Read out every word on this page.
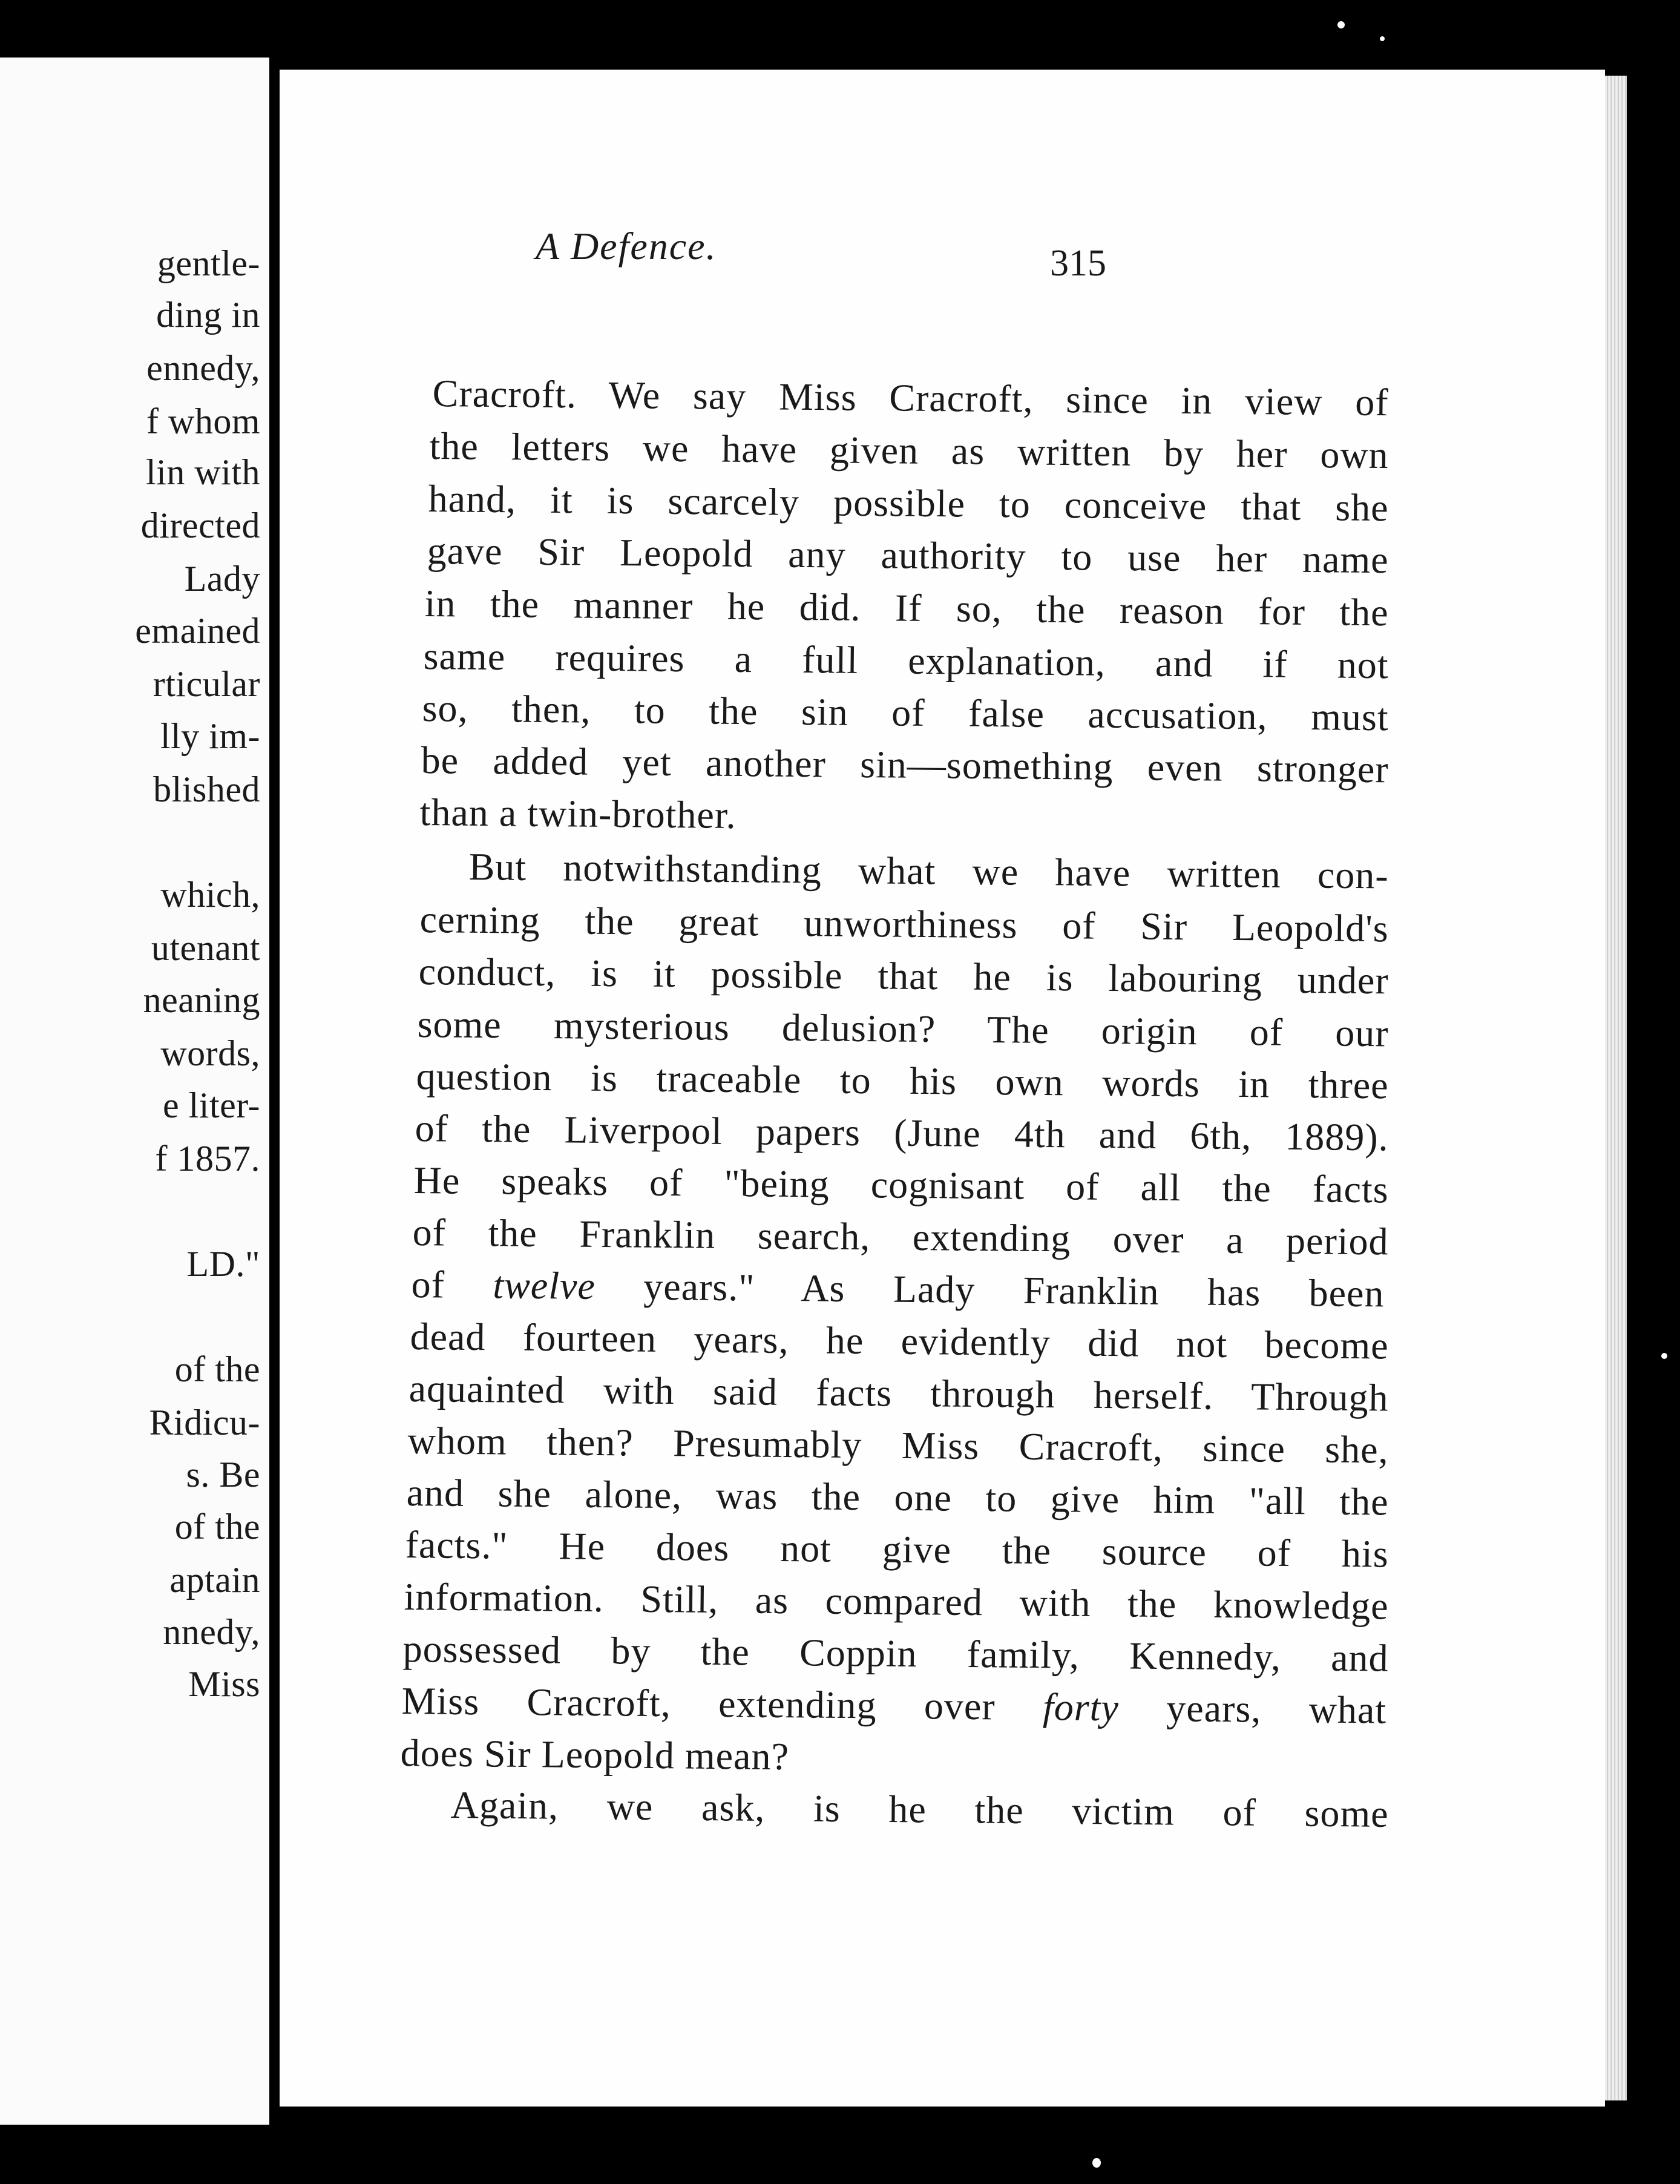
gentle-
ding in
ennedy,
f whom
lin with
directed
Lady
emained
rticular
lly im-
blished
which,
utenant
neaning
words,
e liter-
f 1857.
LD."
of the
Ridicu-
s. Be
of the
aptain
nnedy,
Miss
A Defence.	315
Cracroft. We say Miss Cracroft, since in view of
the letters we have given as written by her own
hand, it is scarcely possible to conceive that she
gave Sir Leopold any authority to use her name
in the manner he did. If so, the reason for the
same requires a full explanation, and if not
so, then, to the sin of false accusation, must
be added yet another sin—something even stronger
than a twin-brother.
But notwithstanding what we have written con-
cerning the great unworthiness of Sir Leopold's
conduct, is it possible that he is labouring under
some mysterious delusion? The origin of our
question is traceable to his own words in three
of the Liverpool papers (June 4th and 6th, 1889).
He speaks of "being cognisant of all the facts
of the Franklin search, extending over a period
of twelve years." As Lady Franklin has been
dead fourteen years, he evidently did not become
aquainted with said facts through herself. Through
whom then? Presumably Miss Cracroft, since she,
and she alone, was the one to give him "all the
facts." He does not give the source of his
information. Still, as compared with the knowledge
possessed by the Coppin family, Kennedy, and
Miss Cracroft, extending over forty years, what
does Sir Leopold mean?
Again, we ask, is he the victim of some
